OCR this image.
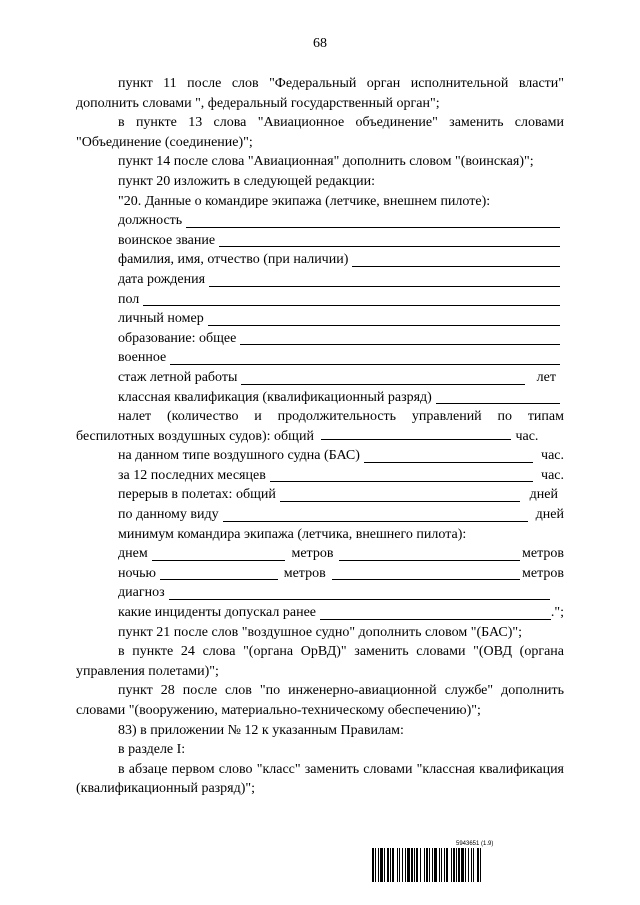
68

пункт 11 после слов "Федеральный орган исполнительной власти" дополнить словами ", федеральный государственный орган";

в пункте 13 слова "Авиационное объединение" заменить словами "Объединение (соединение)";

пункт 14 после слова "Авиационная" дополнить словом "(воинская)";

пункт 20 изложить в следующей редакции:

"20. Данные о командире экипажа (летчике, внешнем пилоте):

должность
воинское звание
фамилия, имя, отчество (при наличии)
дата рождения
пол
личный номер
образование: общее
военное
стаж летной работы	лет
классная квалификация (квалификационный разряд)

налет (количество и продолжительность управлений по типам беспилотных воздушных судов): общий	час.

на данном типе воздушного судна (БАС)	час.
за 12 последних месяцев	час.
перерыв в полетах: общий	дней
по данному виду	дней
минимум командира экипажа (летчика, внешнего пилота):
днем	метров	метров
ночью	метров	метров
диагноз
какие инциденты допускал ранее	.";

пункт 21 после слов "воздушное судно" дополнить словом "(БАС)";

в пункте 24 слова "(органа ОрВД)" заменить словами "(ОВД (органа управления полетами)";

пункт 28 после слов "по инженерно-авиационной службе" дополнить словами "(вооружению, материально-техническому обеспечению)";

83) в приложении № 12 к указанным Правилам:

в разделе I:

в абзаце первом слово "класс" заменить словами "классная квалификация (квалификационный разряд)";

5943651 (1.9)
